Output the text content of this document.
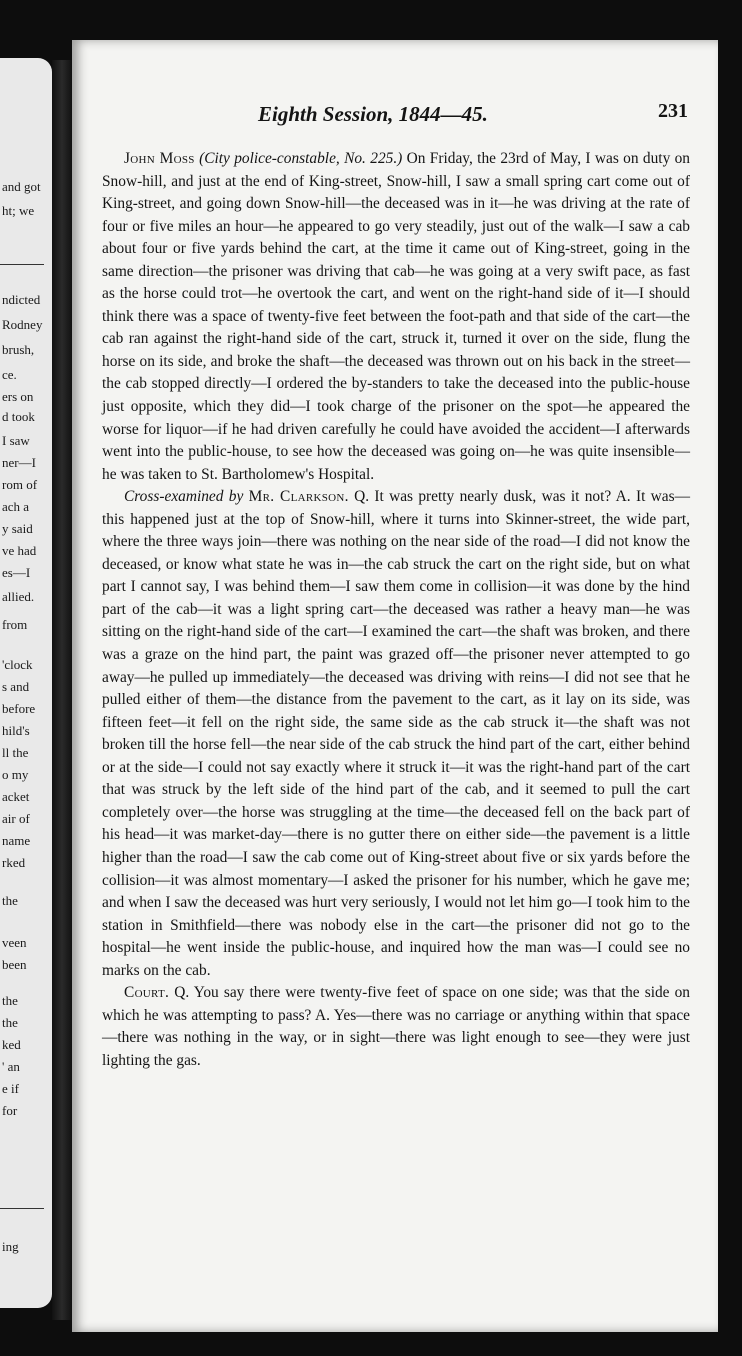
and got
ht; we
ndicted
Rodney
brush,
ce.
ers on
d took
I saw
ner—I
rom of
ach a
y said
ve had
es—I
allied.
from
'clock
s and
before
hild's
ll the
o my
acket
air of
name
rked
the
veen
been
the
the
ked
' an
e if
for
ing
Eighth Session, 1844—45.	231

John Moss (City police-constable, No. 225.) On Friday, the 23rd of May, I was on duty on Snow-hill, and just at the end of King-street, Snow-hill, I saw a small spring cart come out of King-street, and going down Snow-hill—the deceased was in it—he was driving at the rate of four or five miles an hour—he appeared to go very steadily, just out of the walk—I saw a cab about four or five yards behind the cart, at the time it came out of King-street, going in the same direction—the prisoner was driving that cab—he was going at a very swift pace, as fast as the horse could trot—he overtook the cart, and went on the right-hand side of it—I should think there was a space of twenty-five feet between the foot-path and that side of the cart—the cab ran against the right-hand side of the cart, struck it, turned it over on the side, flung the horse on its side, and broke the shaft—the deceased was thrown out on his back in the street—the cab stopped directly—I ordered the by-standers to take the deceased into the public-house just opposite, which they did—I took charge of the prisoner on the spot—he appeared the worse for liquor—if he had driven carefully he could have avoided the accident—I afterwards went into the public-house, to see how the deceased was going on—he was quite insensible—he was taken to St. Bartholomew's Hospital.

Cross-examined by Mr. Clarkson. Q. It was pretty nearly dusk, was it not? A. It was—this happened just at the top of Snow-hill, where it turns into Skinner-street, the wide part, where the three ways join—there was nothing on the near side of the road—I did not know the deceased, or know what state he was in—the cab struck the cart on the right side, but on what part I cannot say, I was behind them—I saw them come in collision—it was done by the hind part of the cab—it was a light spring cart—the deceased was rather a heavy man—he was sitting on the right-hand side of the cart—I examined the cart—the shaft was broken, and there was a graze on the hind part, the paint was grazed off—the prisoner never attempted to go away—he pulled up immediately—the deceased was driving with reins—I did not see that he pulled either of them—the distance from the pavement to the cart, as it lay on its side, was fifteen feet—it fell on the right side, the same side as the cab struck it—the shaft was not broken till the horse fell—the near side of the cab struck the hind part of the cart, either behind or at the side—I could not say exactly where it struck it—it was the right-hand part of the cart that was struck by the left side of the hind part of the cab, and it seemed to pull the cart completely over—the horse was struggling at the time—the deceased fell on the back part of his head—it was market-day—there is no gutter there on either side—the pavement is a little higher than the road—I saw the cab come out of King-street about five or six yards before the collision—it was almost momentary—I asked the prisoner for his number, which he gave me; and when I saw the deceased was hurt very seriously, I would not let him go—I took him to the station in Smithfield—there was nobody else in the cart—the prisoner did not go to the hospital—he went inside the public-house, and inquired how the man was—I could see no marks on the cab.

Court. Q. You say there were twenty-five feet of space on one side; was that the side on which he was attempting to pass? A. Yes—there was no carriage or anything within that space—there was nothing in the way, or in sight—there was light enough to see—they were just lighting the gas.
